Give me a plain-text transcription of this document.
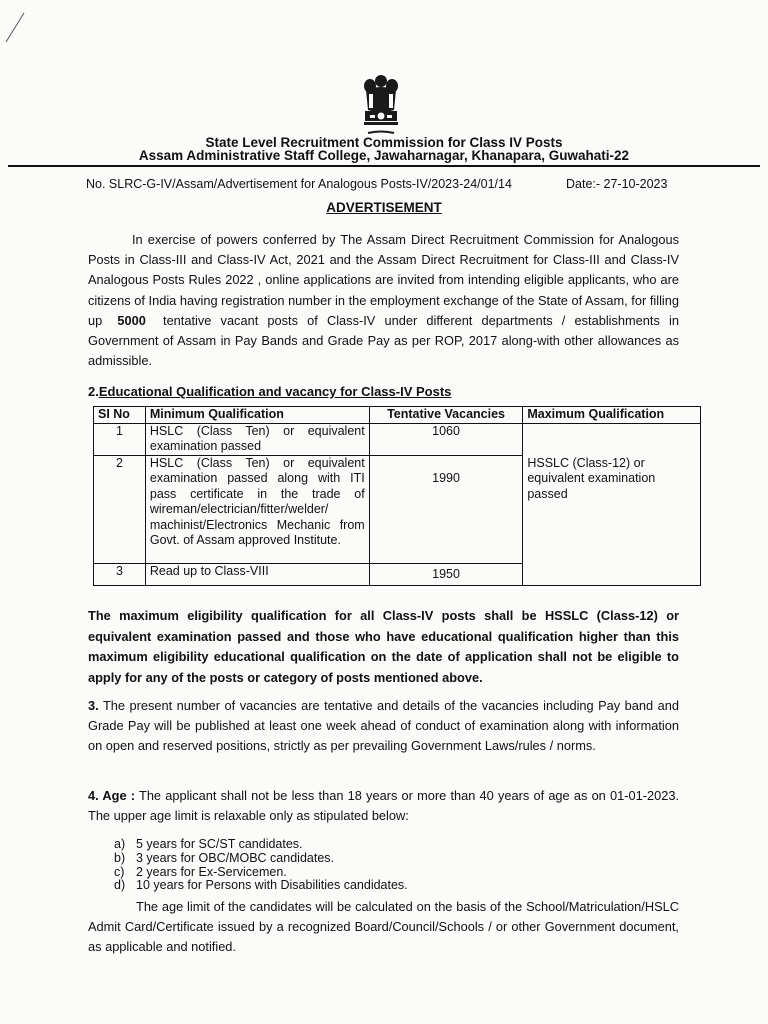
State Level Recruitment Commission for Class IV Posts
Assam Administrative Staff College, Jawaharnagar, Khanapara, Guwahati-22
No. SLRC-G-IV/Assam/Advertisement for Analogous Posts-IV/2023-24/01/14	Date:- 27-10-2023
ADVERTISEMENT
In exercise of powers conferred by The Assam Direct Recruitment Commission for Analogous Posts in Class-III and Class-IV Act, 2021 and the Assam Direct Recruitment for Class-III and Class-IV Analogous Posts Rules 2022 , online applications are invited from intending eligible applicants, who are citizens of India having registration number in the employment exchange of the State of Assam, for filling up 5000 tentative vacant posts of Class-IV under different departments / establishments in Government of Assam in Pay Bands and Grade Pay as per ROP, 2017 along-with other allowances as admissible.
2.Educational Qualification and vacancy for Class-IV Posts
SI No	Minimum Qualification	Tentative Vacancies	Maximum Qualification
1	HSLC (Class Ten) or equivalent examination passed	1060	HSSLC (Class-12) or equivalent examination passed
2	HSLC (Class Ten) or equivalent examination passed along with ITI pass certificate in the trade of wireman/electrician/fitter/welder/ machinist/Electronics Mechanic from Govt. of Assam approved Institute.	1990	
3	Read up to Class-VIII	1950	
The maximum eligibility qualification for all Class-IV posts shall be HSSLC (Class-12) or equivalent examination passed and those who have educational qualification higher than this maximum eligibility educational qualification on the date of application shall not be eligible to apply for any of the posts or category of posts mentioned above.
3. The present number of vacancies are tentative and details of the vacancies including Pay band and Grade Pay will be published at least one week ahead of conduct of examination along with information on open and reserved positions, strictly as per prevailing Government Laws/rules / norms.
4. Age : The applicant shall not be less than 18 years or more than 40 years of age as on 01-01-2023. The upper age limit is relaxable only as stipulated below:
a) 5 years for SC/ST candidates.
b) 3 years for OBC/MOBC candidates.
c) 2 years for Ex-Servicemen.
d) 10 years for Persons with Disabilities candidates.
The age limit of the candidates will be calculated on the basis of the School/Matriculation/HSLC Admit Card/Certificate issued by a recognized Board/Council/Schools / or other Government document, as applicable and notified.
